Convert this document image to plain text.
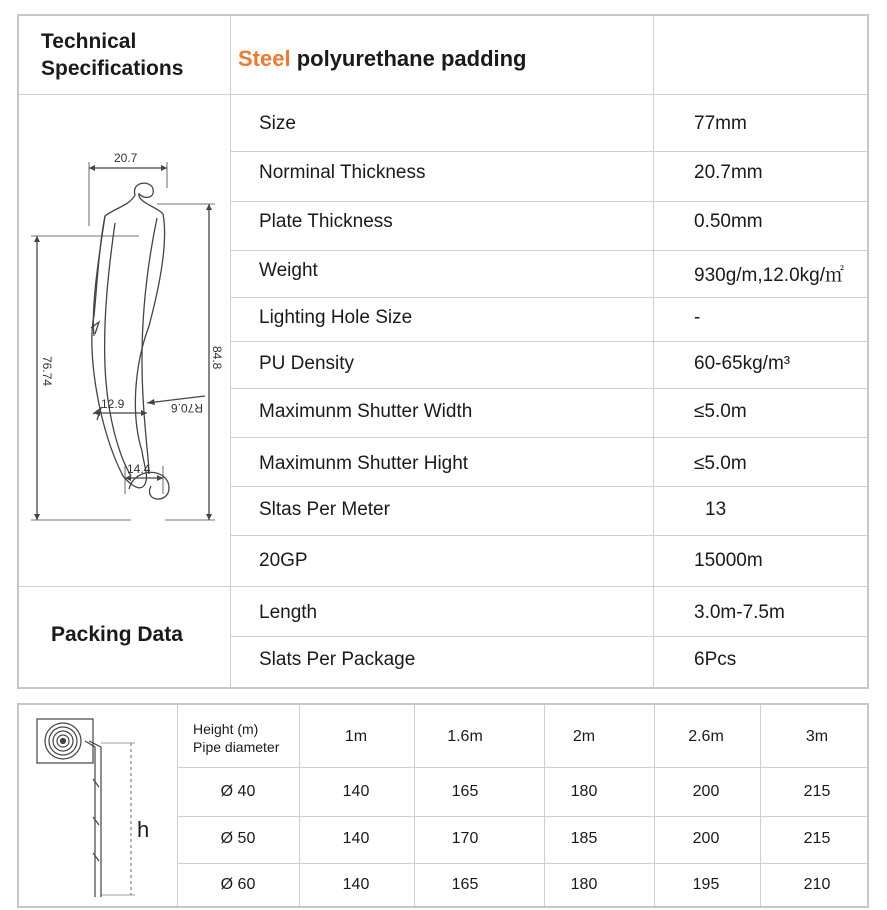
Technical
Specifications Steel polyurethane padding
Size	77mm
Norminal Thickness	20.7mm
Plate Thickness	0.50mm
Weight	930g/m,12.0kg/㎡
Lighting Hole Size	-
PU Density	60-65kg/m³
Maximunm Shutter Width	≤5.0m
Maximunm Shutter Hight	≤5.0m
Sltas Per Meter	13
20GP	15000m
Packing Data
Length	3.0m-7.5m
Slats Per Package	6Pcs
20.7
76.74	84.8
12.9	R70.6
14.4
Height (m)
Pipe diameter
1m	1.6m	2m	2.6m	3m
Ø 40	140	165	180	200	215
Ø 50	140	170	185	200	215
Ø 60	140	165	180	195	210
h
